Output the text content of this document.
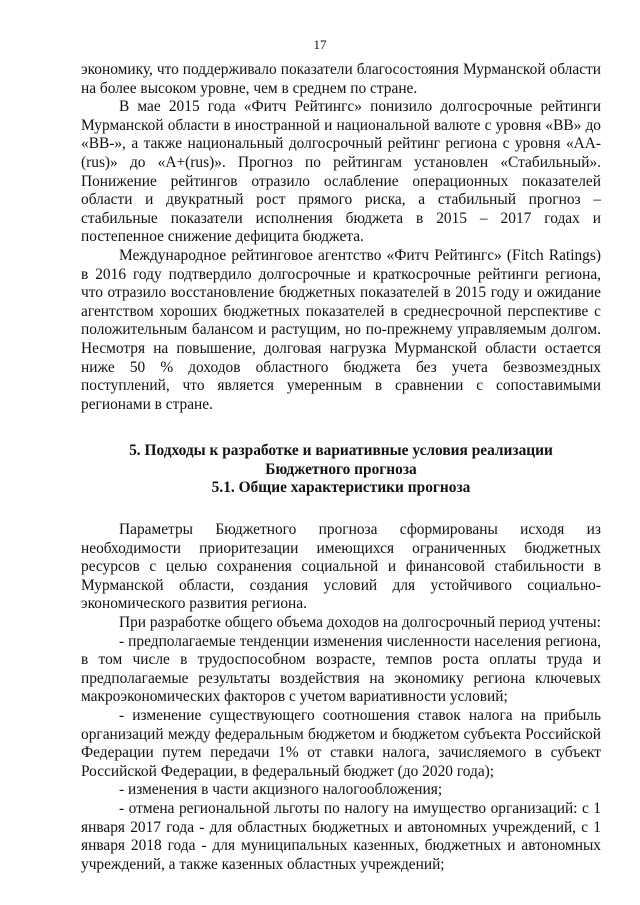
17

экономику, что поддерживало пoказатели благосостояния Мурманской области на более высоком уровне, чем в среднем по стране.

В мае 2015 года «Фитч Рейтингс» понизило долгосрочные рейтинги Мурманской области в иностранной и национальной валюте с уровня «BB» до «BB-», а также национальный долгосрочный рейтинг региона с уровня «AA-(rus)» до «A+(rus)». Прогноз по рейтингам установлен «Стабильный». Понижение рейтингов отразило ослабление операционных показателей области и двукратный рост прямого риска, а стабильный прогноз – стабильные показатели исполнения бюджета в 2015 – 2017 годах и постепенное снижение дефицита бюджета.

Международное рейтинговое агентство «Фитч Рейтингс» (Fitch Ratings) в 2016 году подтвердило долгосрочные и краткосрочные рейтинги региона, что отразило восстановление бюджетных показателей в 2015 году и ожидание агентством хороших бюджетных показателей в среднесрочной перспективе с положительным балансом и растущим, но по-прежнему управляемым долгом. Несмотря на повышение, долговая нагрузка Мурманской области остается ниже 50 % доходов областного бюджета без учета безвозмездных поступлений, что является умеренным в сравнении с сопоставимыми регионами в стране.

5. Подходы к разработке и вариативные условия реализации

Бюджетного прогноза

5.1. Общие характеристики прогноза

Параметры Бюджетного прогноза сформированы исходя из необходимости приоритезации имеющихся ограниченных бюджетных ресурсов с целью сохранения социальной и финансовой стабильности в Мурманской области, создания условий для устойчивого социально-экономического развития региона.

При разработке общего объема доходов на долгосрочный период учтены:

- предполагаемые тенденции изменения численности населения региона, в том числе в трудоспособном возрасте, темпов роста оплаты труда и предполагаемые результаты воздействия на экономику региона ключевых макроэкономических факторов с учетом вариативности условий;

- изменение существующего соотношения ставок налога на прибыль организаций между федеральным бюджетом и бюджетом субъекта Российской Федерации путем передачи 1% от ставки налога, зачисляемого в субъект Российской Федерации, в федеральный бюджет (до 2020 года);

- изменения в части акцизного налогообложения;

- отмена региональной льготы по налогу на имущество организаций: с 1 января 2017 года - для областных бюджетных и автономных учреждений, с 1 января 2018 года - для муниципальных казенных, бюджетных и автономных учреждений, а также казенных областных учреждений;
